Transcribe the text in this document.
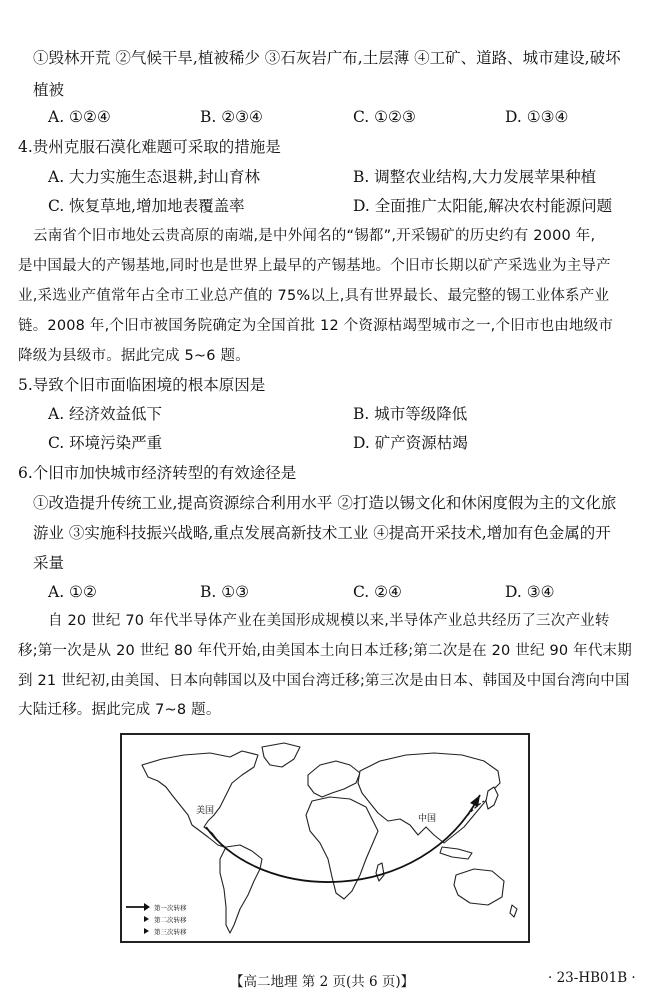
①毁林开荒 ②气候干旱,植被稀少 ③石灰岩广布,土层薄 ④工矿、道路、城市建设,破坏
植被
A. ①②④	B. ②③④	C. ①②③	D. ①③④
4.贵州克服石漠化难题可采取的措施是
A. 大力实施生态退耕,封山育林	B. 调整农业结构,大力发展苹果种植
C. 恢复草地,增加地表覆盖率	D. 全面推广太阳能,解决农村能源问题
云南省个旧市地处云贵高原的南端,是中外闻名的“锡都”,开采锡矿的历史约有 2000 年,
是中国最大的产锡基地,同时也是世界上最早的产锡基地。个旧市长期以矿产采选业为主导产
业,采选业产值常年占全市工业总产值的 75%以上,具有世界最长、最完整的锡工业体系产业
链。2008 年,个旧市被国务院确定为全国首批 12 个资源枯竭型城市之一,个旧市也由地级市
降级为县级市。据此完成 5~6 题。
5.导致个旧市面临困境的根本原因是
A. 经济效益低下	B. 城市等级降低
C. 环境污染严重	D. 矿产资源枯竭
6.个旧市加快城市经济转型的有效途径是
①改造提升传统工业,提高资源综合利用水平 ②打造以锡文化和休闲度假为主的文化旅
游业 ③实施科技振兴战略,重点发展高新技术工业 ④提高开采技术,增加有色金属的开
采量
A. ①②	B. ①③	C. ②④	D. ③④
自 20 世纪 70 年代半导体产业在美国形成规模以来,半导体产业总共经历了三次产业转
移;第一次是从 20 世纪 80 年代开始,由美国本土向日本迁移;第二次是在 20 世纪 90 年代末期
到 21 世纪初,由美国、日本向韩国以及中国台湾迁移;第三次是由日本、韩国及中国台湾向中国
大陆迁移。据此完成 7~8 题。
美国
中国
第一次转移
第二次转移
第三次转移
【高二地理 第 2 页(共 6 页)】	· 23-HB01B ·
